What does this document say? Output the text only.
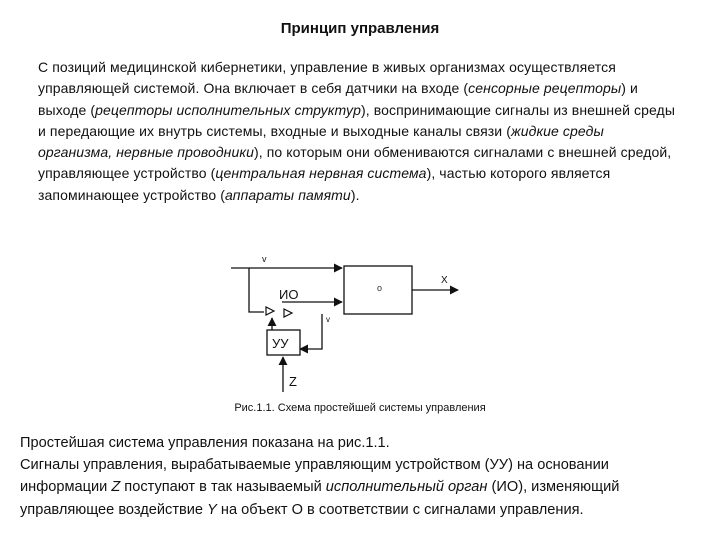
Принцип управления
С позиций медицинской кибернетики, управление в живых организмах осуществляется управляющей системой. Она включает в себя датчики на входе (сенсорные рецепторы) и выходе (рецепторы исполнительных структур), воспринимающие сигналы из внешней среды и передающие их внутрь системы, входные и выходные каналы связи (жидкие среды организма, нервные проводники), по которым они обмениваются сигналами с внешней средой, управляющее устройство (центральная нервная система), частью которого является запоминающее устройство (аппараты памяти).
о
v
X
ИО
v
УУ
Z
Рис.1.1. Схема простейшей системы управления
Простейшая система управления показана на рис.1.1.
Сигналы управления, вырабатываемые управляющим устройством (УУ) на основании
информации Z поступают в так называемый исполнительный орган (ИО), изменяющий
управляющее воздействие Y на объект О в соответствии с сигналами управления.
